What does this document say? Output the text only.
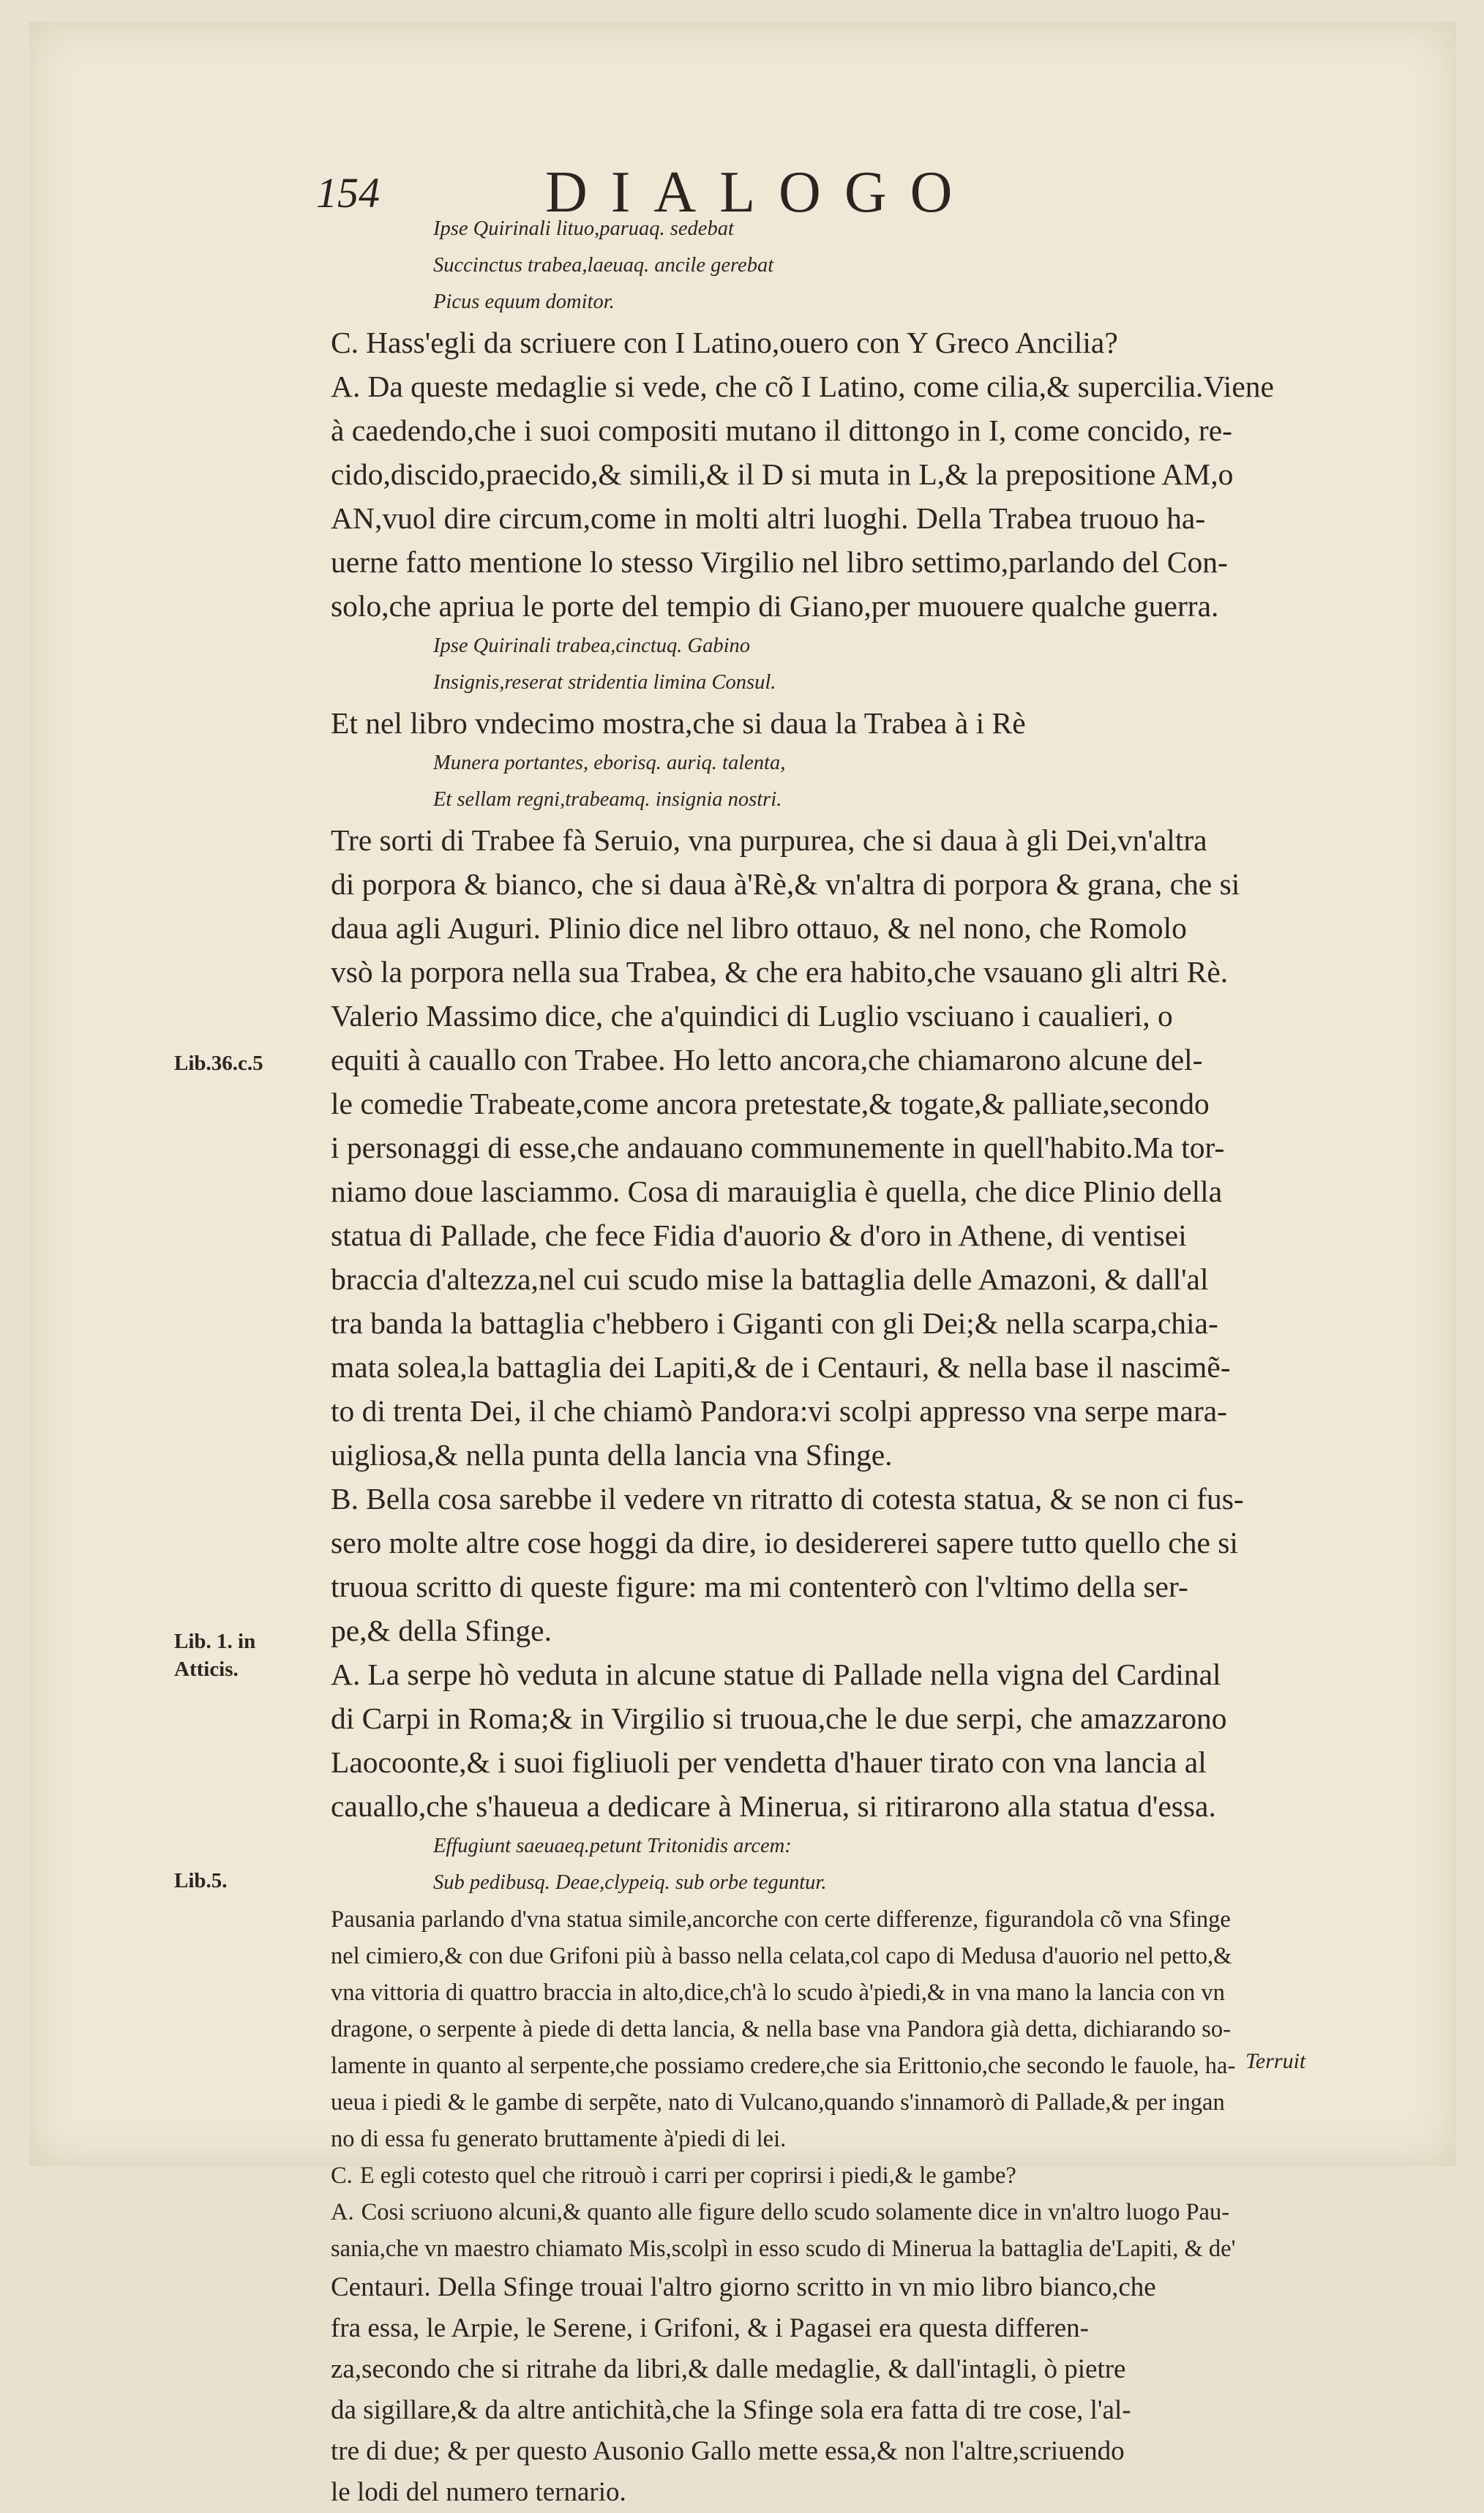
154	DIALOGO
Ipse Quirinali lituo,paruaq. sedebat
Succinctus trabea,laeuaq. ancile gerebat
Picus equum domitor.
C. Hass'egli da scriuere con I Latino,ouero con Y Greco Ancilia?
A. Da queste medaglie si vede, che cõ I Latino, come cilia,& supercilia.Viene
à caedendo,che i suoi compositi mutano il dittongo in I, come concido, re-
cido,discido,praecido,& simili,& il D si muta in L,& la prepositione AM,o
AN,vuol dire circum,come in molti altri luoghi. Della Trabea truouo ha-
uerne fatto mentione lo stesso Virgilio nel libro settimo,parlando del Con-
solo,che apriua le porte del tempio di Giano,per muouere qualche guerra.
Ipse Quirinali trabea,cinctuq. Gabino
Insignis,reserat stridentia limina Consul.
Et nel libro vndecimo mostra,che si daua la Trabea à i Rè
Munera portantes, eborisq. auriq. talenta,
Et sellam regni,trabeamq. insignia nostri.
Tre sorti di Trabee fà Seruio, vna purpurea, che si daua à gli Dei,vn'altra
di porpora & bianco, che si daua à'Rè,& vn'altra di porpora & grana, che si
daua agli Auguri. Plinio dice nel libro ottauo, & nel nono, che Romolo
vsò la porpora nella sua Trabea, & che era habito,che vsauano gli altri Rè.
Valerio Massimo dice, che a'quindici di Luglio vsciuano i caualieri, o
equiti à cauallo con Trabee. Ho letto ancora,che chiamarono alcune del-
le comedie Trabeate,come ancora pretestate,& togate,& palliate,secondo
i personaggi di esse,che andauano communemente in quell'habito.Ma tor-
niamo doue lasciammo. Cosa di marauiglia è quella, che dice Plinio della
statua di Pallade, che fece Fidia d'auorio & d'oro in Athene, di ventisei
braccia d'altezza,nel cui scudo mise la battaglia delle Amazoni, & dall'al
tra banda la battaglia c'hebbero i Giganti con gli Dei;& nella scarpa,chia-
mata solea,la battaglia dei Lapiti,& de i Centauri, & nella base il nascimẽ-
to di trenta Dei, il che chiamò Pandora:vi scolpi appresso vna serpe mara-
uigliosa,& nella punta della lancia vna Sfinge.
B. Bella cosa sarebbe il vedere vn ritratto di cotesta statua, & se non ci fus-
sero molte altre cose hoggi da dire, io desidererei sapere tutto quello che si
truoua scritto di queste figure: ma mi contenterò con l'vltimo della ser-
pe,& della Sfinge.
A. La serpe hò veduta in alcune statue di Pallade nella vigna del Cardinal
di Carpi in Roma;& in Virgilio si truoua,che le due serpi, che amazzarono
Laocoonte,& i suoi figliuoli per vendetta d'hauer tirato con vna lancia al
cauallo,che s'haueua a dedicare à Minerua, si ritirarono alla statua d'essa.
Effugiunt saeuaeq.petunt Tritonidis arcem:
Sub pedibusq. Deae,clypeiq. sub orbe teguntur.
Pausania parlando d'vna statua simile,ancorche con certe differenze, figurandola cõ vna Sfinge
nel cimiero,& con due Grifoni più à basso nella celata,col capo di Medusa d'auorio nel petto,&
vna vittoria di quattro braccia in alto,dice,ch'à lo scudo à'piedi,& in vna mano la lancia con vn
dragone, o serpente à piede di detta lancia, & nella base vna Pandora già detta, dichiarando so-
lamente in quanto al serpente,che possiamo credere,che sia Erittonio,che secondo le fauole, ha-
ueua i piedi & le gambe di serpẽte, nato di Vulcano,quando s'innamorò di Pallade,& per ingan
no di essa fu generato bruttamente à'piedi di lei.
C. E egli cotesto quel che ritrouò i carri per coprirsi i piedi,& le gambe?
A. Cosi scriuono alcuni,& quanto alle figure dello scudo solamente dice in vn'altro luogo Pau-
sania,che vn maestro chiamato Mis,scolpì in esso scudo di Minerua la battaglia de'Lapiti, & de'
Centauri. Della Sfinge trouai l'altro giorno scritto in vn mio libro bianco,che
fra essa, le Arpie, le Serene, i Grifoni, & i Pagasei era questa differen-
za,secondo che si ritrahe da libri,& dalle medaglie, & dall'intagli, ò pietre
da sigillare,& da altre antichità,che la Sfinge sola era fatta di tre cose, l'al-
tre di due; & per questo Ausonio Gallo mette essa,& non l'altre,scriuendo
le lodi del numero ternario.
Lib.36.c.5
Lib. 1. in
Atticis.
Lib.5.
Terruit
